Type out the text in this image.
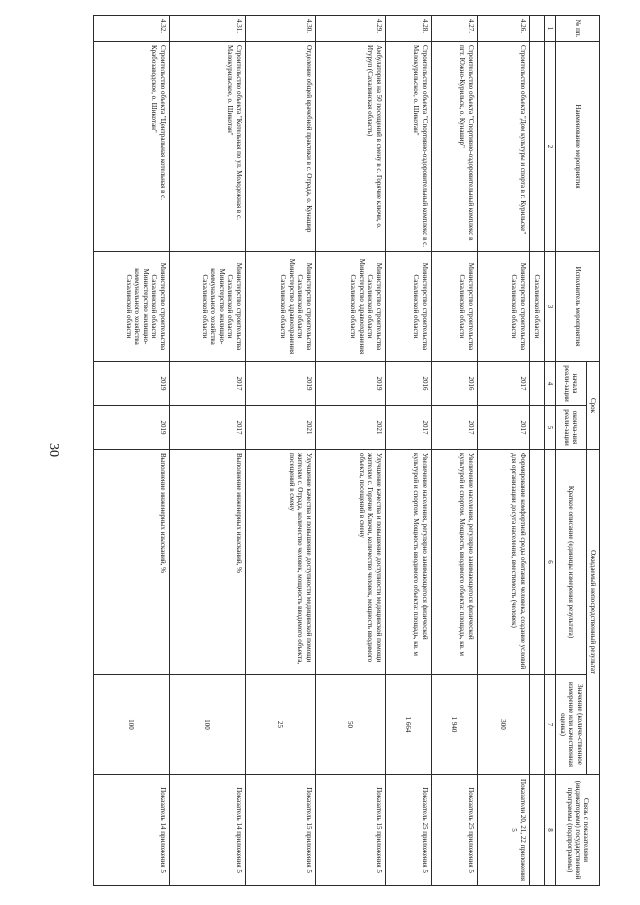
30
№ пп.	Наименование мероприятия	Исполнитель мероприятия	Срок		Ожидаемый непосредственный результат		Связь с показателями (индикаторами) государственной программы (подпрограммы)
			начала реали-зации	оконча-ния реали-зации	Краткое описание (единицы измерения результата)	Значение (количе-ственное измерение или качественная оценка)	

1	2	3	4	5	6	7	8
		Сахалинской области					
4.26.	Строительство объекта "Дом культуры и спорта в г. Курильске"	Министерство строительства Сахалинской области	2017	2017	Формирование комфортной среды обитания человека, создание условий для организации досуга населения, вместимость (человек)	300	Показатели 20, 21, 22 приложения 5
4.27.	Строительство объекта "Спортивно-оздоровительный комплекс в пгт. Южно-Курильск, о. Кунашир"	Министерство строительства Сахалинской области	2016	2017	Увеличение населения, регулярно занимающегося физической культурой и спортом. Мощность вводимого объекта: площадь, кв. м	1 940	Показатель 25 приложения 5
4.28.	Строительство объекта "Спортивно-оздоровительный комплекс в с. Малокурильское, о. Шикотан"	Министерство строительства Сахалинской области	2016	2017	Увеличение населения, регулярно занимающегося физической культурой и спортом. Мощность вводимого объекта: площадь, кв. м	1 664	Показатель 25 приложения 5
4.29.	Амбулатория на 50 посещений в смену в с. Горячие ключи, о. Итуруп (Сахалинская область)	Министерство строительства Сахалинской области Министерство здравоохранения Сахалинской области	2019	2021	Улучшение качества и повышение доступности медицинской помощи жителям с. Горячие Ключи, количество человек, мощность вводимого объекта, посещений в смену	50	Показатель 15 приложения 5
4.30.	Отделение общей врачебной практики в с. Отрада, о. Кунашир	Министерство строительства Сахалинской области Министерство здравоохранения Сахалинской области	2019	2021	Улучшение качества и повышение доступности медицинской помощи жителям с. Отрада, количество человек, мощность вводимого объекта, посещений в смену	25	Показатель 15 приложения 5
4.31.	Строительство объекта "Котельная по ул. Молодежная в с. Малокурильское, о. Шикотан"	Министерство строительства Сахалинской области Министерство жилищно-коммунального хозяйства Сахалинской области	2017	2017	Выполнение инженерных изысканий, %	100	Показатель 14 приложения 5
4.32.	Строительство объекта "Центральная котельная в с. Крабозаводское, о. Шикотан"	Министерство строительства Сахалинской области Министерство жилищно-коммунального хозяйства Сахалинской области	2019	2019	Выполнение инженерных изысканий, %	100	Показатель 14 приложения 5
